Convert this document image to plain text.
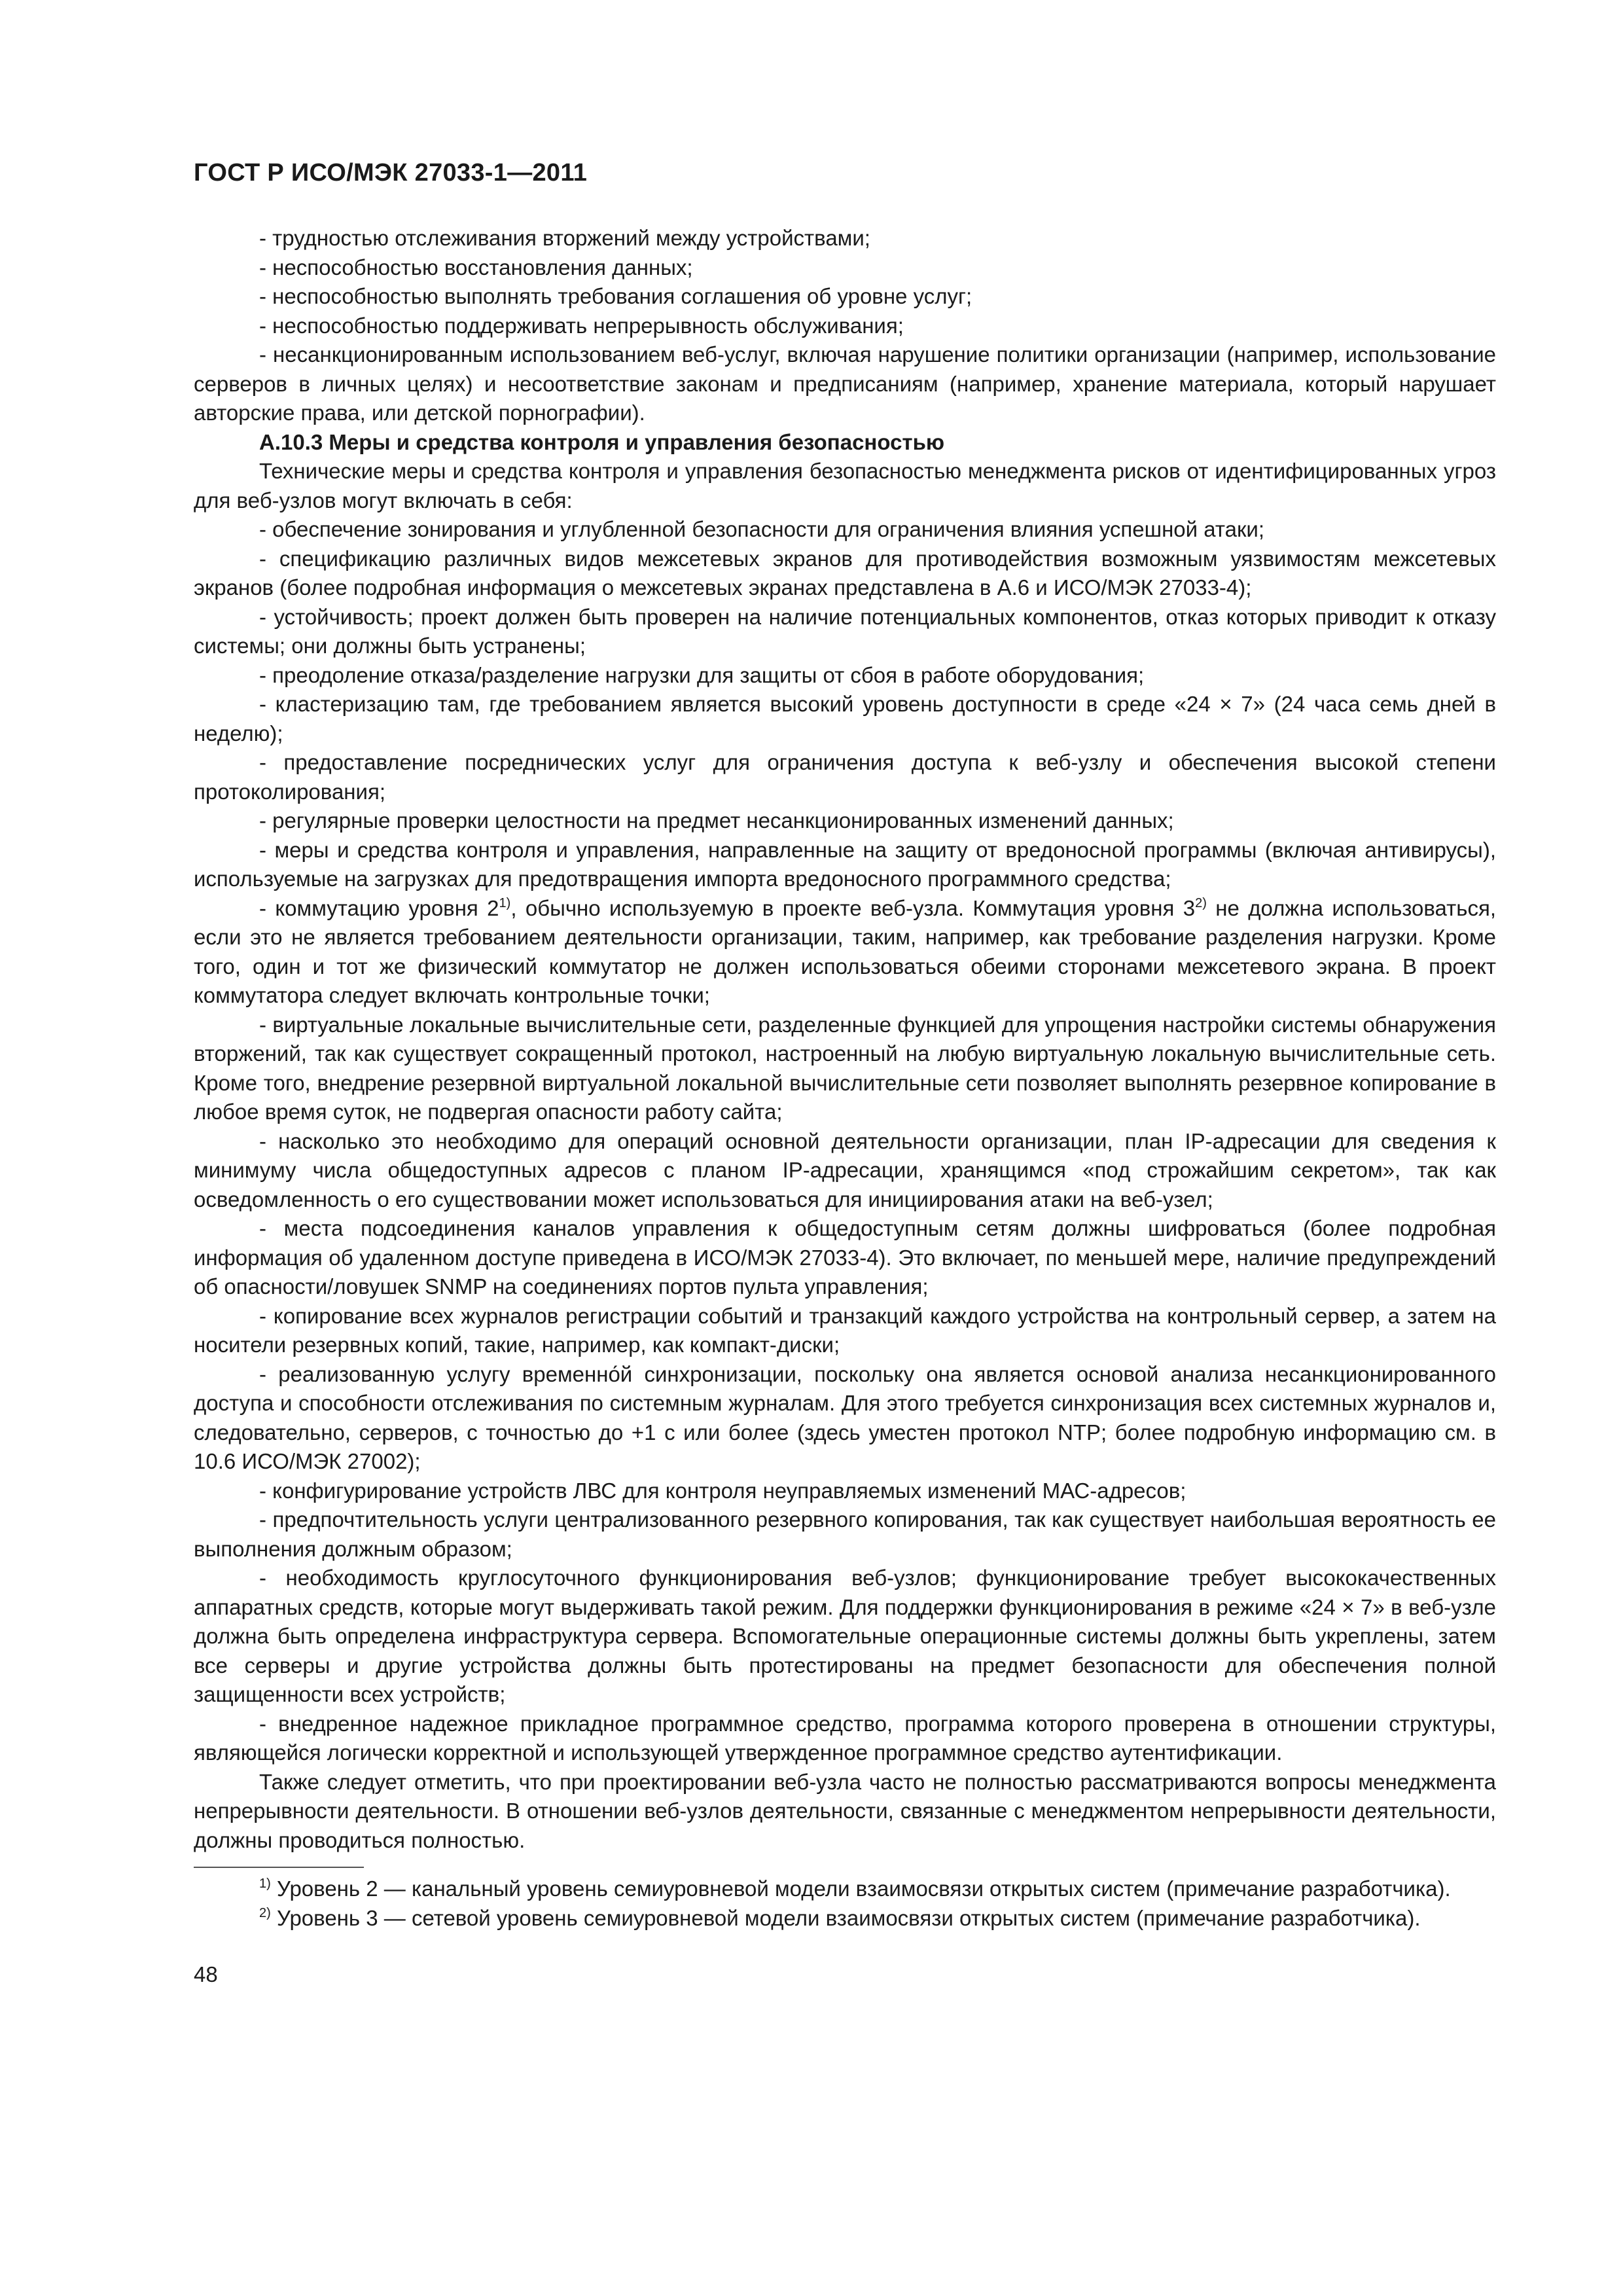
ГОСТ Р ИСО/МЭК 27033-1—2011

- трудностью отслеживания вторжений между устройствами;

- неспособностью восстановления данных;

- неспособностью выполнять требования соглашения об уровне услуг;

- неспособностью поддерживать непрерывность обслуживания;

- несанкционированным использованием веб-услуг, включая нарушение политики организации (например, использование серверов в личных целях) и несоответствие законам и предписаниям (например, хранение материала, который нарушает авторские права, или детской порнографии).

А.10.3 Меры и средства контроля и управления безопасностью

Технические меры и средства контроля и управления безопасностью менеджмента рисков от идентифицированных угроз для веб-узлов могут включать в себя:

- обеспечение зонирования и углубленной безопасности для ограничения влияния успешной атаки;

- спецификацию различных видов межсетевых экранов для противодействия возможным уязвимостям межсетевых экранов (более подробная информация о межсетевых экранах представлена в А.6 и ИСО/МЭК 27033-4);

- устойчивость; проект должен быть проверен на наличие потенциальных компонентов, отказ которых приводит к отказу системы; они должны быть устранены;

- преодоление отказа/разделение нагрузки для защиты от сбоя в работе оборудования;

- кластеризацию там, где требованием является высокий уровень доступности в среде «24 × 7» (24 часа семь дней в неделю);

- предоставление посреднических услуг для ограничения доступа к веб-узлу и обеспечения высокой степени протоколирования;

- регулярные проверки целостности на предмет несанкционированных изменений данных;

- меры и средства контроля и управления, направленные на защиту от вредоносной программы (включая антивирусы), используемые на загрузках для предотвращения импорта вредоносного программного средства;

- коммутацию уровня 2$^{1)}$, обычно используемую в проекте веб-узла. Коммутация уровня 3$^{2)}$ не должна использоваться, если это не является требованием деятельности организации, таким, например, как требование разделения нагрузки. Кроме того, один и тот же физический коммутатор не должен использоваться обеими сторонами межсетевого экрана. В проект коммутатора следует включать контрольные точки;

- виртуальные локальные вычислительные сети, разделенные функцией для упрощения настройки системы обнаружения вторжений, так как существует сокращенный протокол, настроенный на любую виртуальную локальную вычислительные сеть. Кроме того, внедрение резервной виртуальной локальной вычислительные сети позволяет выполнять резервное копирование в любое время суток, не подвергая опасности работу сайта;

- насколько это необходимо для операций основной деятельности организации, план IP-адресации для сведения к минимуму числа общедоступных адресов с планом IP-адресации, хранящимся «под строжайшим секретом», так как осведомленность о его существовании может использоваться для инициирования атаки на веб-узел;

- места подсоединения каналов управления к общедоступным сетям должны шифроваться (более подробная информация об удаленном доступе приведена в ИСО/МЭК 27033-4). Это включает, по меньшей мере, наличие предупреждений об опасности/ловушек SNMP на соединениях портов пульта управления;

- копирование всех журналов регистрации событий и транзакций каждого устройства на контрольный сервер, а затем на носители резервных копий, такие, например, как компакт-диски;

- реализованную услугу временно́й синхронизации, поскольку она является основой анализа несанкционированного доступа и способности отслеживания по системным журналам. Для этого требуется синхронизация всех системных журналов и, следовательно, серверов, с точностью до +1 с или более (здесь уместен протокол NTP; более подробную информацию см. в 10.6 ИСО/МЭК 27002);

- конфигурирование устройств ЛВС для контроля неуправляемых изменений МАС-адресов;

- предпочтительность услуги централизованного резервного копирования, так как существует наибольшая вероятность ее выполнения должным образом;

- необходимость круглосуточного функционирования веб-узлов; функционирование требует высококачественных аппаратных средств, которые могут выдерживать такой режим. Для поддержки функционирования в режиме «24 × 7» в веб-узле должна быть определена инфраструктура сервера. Вспомогательные операционные системы должны быть укреплены, затем все серверы и другие устройства должны быть протестированы на предмет безопасности для обеспечения полной защищенности всех устройств;

- внедренное надежное прикладное программное средство, программа которого проверена в отношении структуры, являющейся логически корректной и использующей утвержденное программное средство аутентификации.

Также следует отметить, что при проектировании веб-узла часто не полностью рассматриваются вопросы менеджмента непрерывности деятельности. В отношении веб-узлов деятельности, связанные с менеджментом непрерывности деятельности, должны проводиться полностью.

$^{1)}$ Уровень 2 — канальный уровень семиуровневой модели взаимосвязи открытых систем (примечание разработчика).

$^{2)}$ Уровень 3 — сетевой уровень семиуровневой модели взаимосвязи открытых систем (примечание разработчика).

48
